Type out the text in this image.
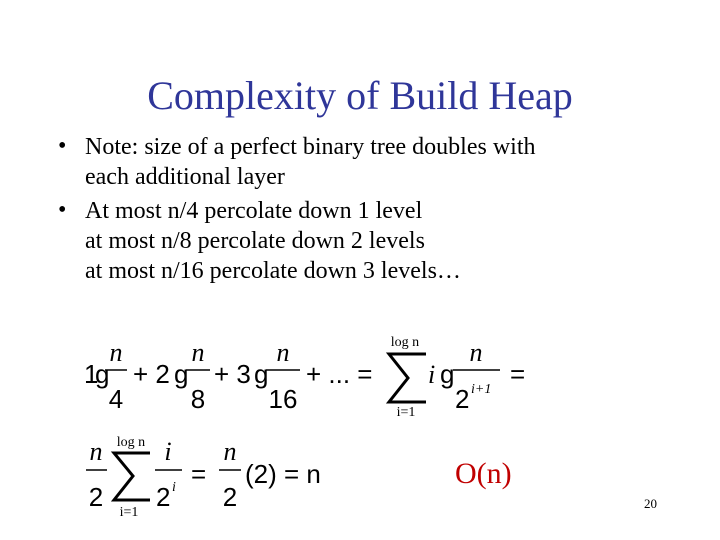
Complexity of Build Heap
• Note: size of a perfect binary tree doubles with
each additional layer
• At most n/4 percolate down 1 level
at most n/8 percolate down 2 levels
at most n/16 percolate down 3 levels…
1
g
n
4
+ 2 g
n
8
+ 3 g
n
16
+ ... =
log n
i=1
i g
n
2 i+1
=
n
2
log n
i=1
i
2 i =
n
2
(2) = n	O(n)
20
